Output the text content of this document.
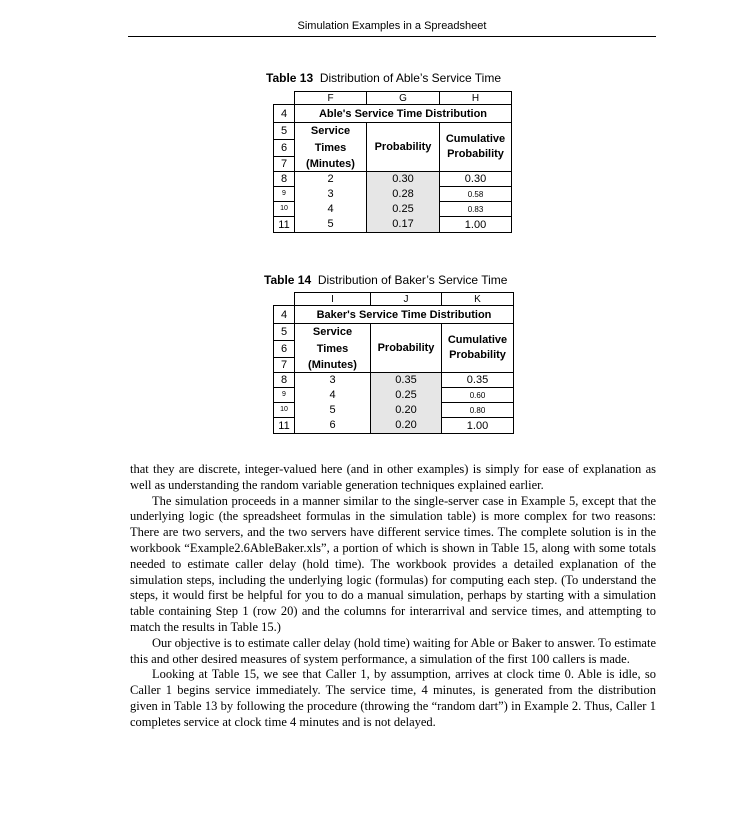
Simulation Examples in a Spreadsheet
Table 13 Distribution of Able’s Service Time
	F	G	H
4	Able's Service Time Distribution		
5	Service	Probability	Cumulative Probability
6	Times		
7	(Minutes)		
8	2	0.30	0.30
9	3	0.28	0.58
10	4	0.25	0.83
11	5	0.17	1.00
Table 14 Distribution of Baker’s Service Time
	I	J	K
4	Baker's Service Time Distribution		
5	Service	Probability	Cumulative Probability
6	Times		
7	(Minutes)		
8	3	0.35	0.35
9	4	0.25	0.60
10	5	0.20	0.80
11	6	0.20	1.00

that they are discrete, integer-valued here (and in other examples) is simply for ease of explanation as well as understanding the random variable generation techniques explained earlier.

The simulation proceeds in a manner similar to the single-server case in Example 5, except that the underlying logic (the spreadsheet formulas in the simulation table) is more complex for two reasons: There are two servers, and the two servers have different service times. The complete solution is in the workbook “Example2.6AbleBaker.xls”, a portion of which is shown in Table 15, along with some totals needed to estimate caller delay (hold time). The workbook provides a detailed explanation of the simulation steps, including the underlying logic (formulas) for computing each step. (To understand the steps, it would first be helpful for you to do a manual simulation, perhaps by starting with a simulation table containing Step 1 (row 20) and the columns for interarrival and service times, and attempting to match the results in Table 15.)

Our objective is to estimate caller delay (hold time) waiting for Able or Baker to answer. To estimate this and other desired measures of system performance, a simulation of the first 100 callers is made.

Looking at Table 15, we see that Caller 1, by assumption, arrives at clock time 0. Able is idle, so Caller 1 begins service immediately. The service time, 4 minutes, is generated from the distribution given in Table 13 by following the procedure (throwing the “random dart”) in Example 2. Thus, Caller 1 completes service at clock time 4 minutes and is not delayed.
